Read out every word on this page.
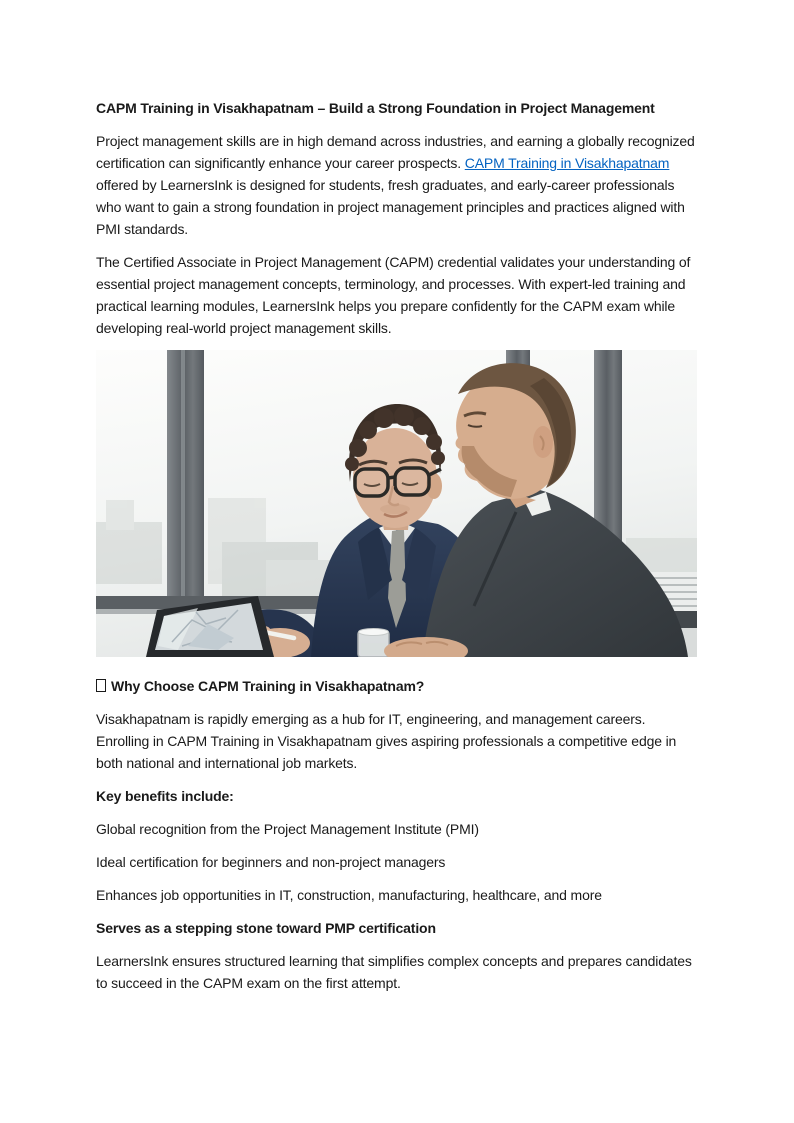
CAPM Training in Visakhapatnam – Build a Strong Foundation in Project Management

Project management skills are in high demand across industries, and earning a globally recognized certification can significantly enhance your career prospects. CAPM Training in Visakhapatnam offered by LearnersInk is designed for students, fresh graduates, and early-career professionals who want to gain a strong foundation in project management principles and practices aligned with PMI standards.

The Certified Associate in Project Management (CAPM) credential validates your understanding of essential project management concepts, terminology, and processes. With expert-led training and practical learning modules, LearnersInk helps you prepare confidently for the CAPM exam while developing real-world project management skills.

Why Choose CAPM Training in Visakhapatnam?

Visakhapatnam is rapidly emerging as a hub for IT, engineering, and management careers. Enrolling in CAPM Training in Visakhapatnam gives aspiring professionals a competitive edge in both national and international job markets.

Key benefits include:

Global recognition from the Project Management Institute (PMI)

Ideal certification for beginners and non-project managers

Enhances job opportunities in IT, construction, manufacturing, healthcare, and more

Serves as a stepping stone toward PMP certification

LearnersInk ensures structured learning that simplifies complex concepts and prepares candidates to succeed in the CAPM exam on the first attempt.
